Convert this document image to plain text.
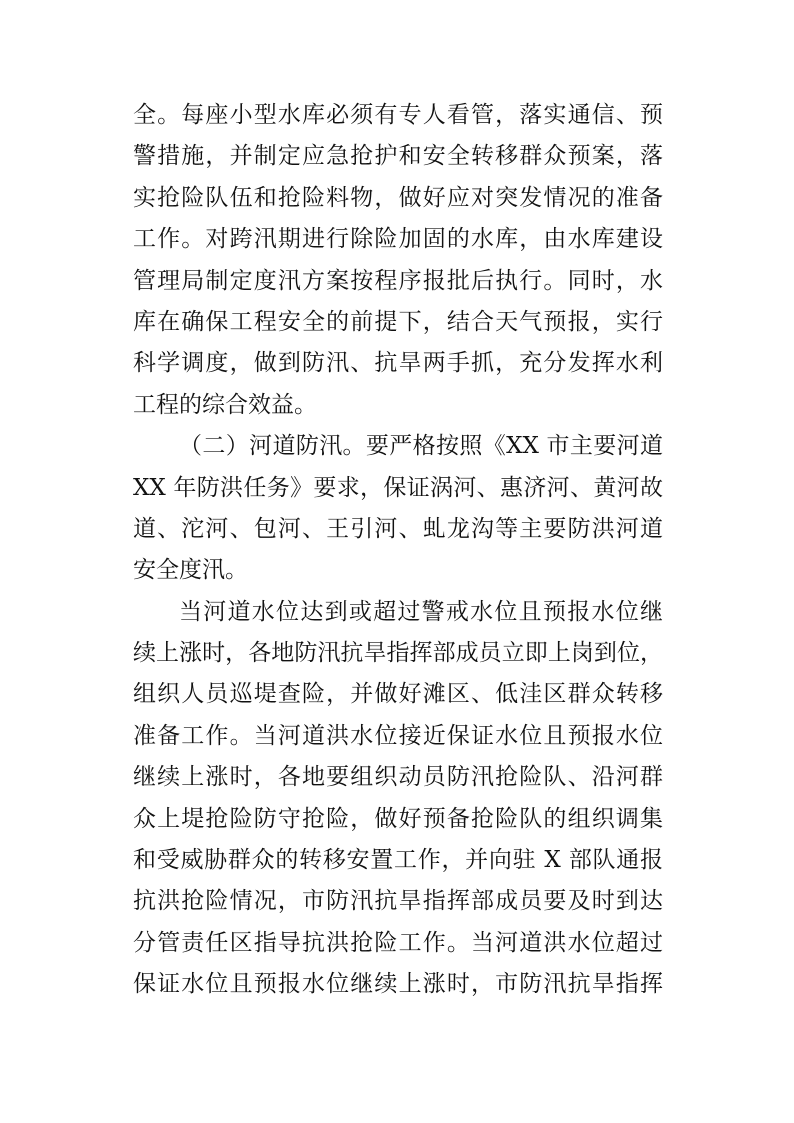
全。每座小型水库必须有专人看管，落实通信、预
警措施，并制定应急抢护和安全转移群众预案，落
实抢险队伍和抢险料物，做好应对突发情况的准备
工作。对跨汛期进行除险加固的水库，由水库建设
管理局制定度汛方案按程序报批后执行。同时，水
库在确保工程安全的前提下，结合天气预报，实行
科学调度，做到防汛、抗旱两手抓，充分发挥水利
工程的综合效益。
（二）河道防汛。要严格按照《XX 市主要河道
XX 年防洪任务》要求，保证涡河、惠济河、黄河故
道、沱河、包河、王引河、虬龙沟等主要防洪河道
安全度汛。
当河道水位达到或超过警戒水位且预报水位继
续上涨时，各地防汛抗旱指挥部成员立即上岗到位，
组织人员巡堤查险，并做好滩区、低洼区群众转移
准备工作。当河道洪水位接近保证水位且预报水位
继续上涨时，各地要组织动员防汛抢险队、沿河群
众上堤抢险防守抢险，做好预备抢险队的组织调集
和受威胁群众的转移安置工作，并向驻 X 部队通报
抗洪抢险情况，市防汛抗旱指挥部成员要及时到达
分管责任区指导抗洪抢险工作。当河道洪水位超过
保证水位且预报水位继续上涨时，市防汛抗旱指挥
